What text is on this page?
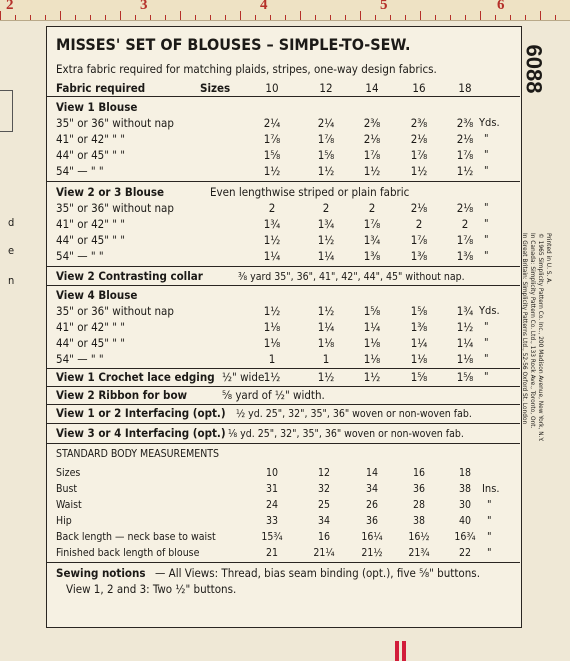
2	3	4	5	6
d
e
n
6088
Printed in U. S. A.
© 1965 Simplicity Pattern Co. Inc., 200 Madison Avenue, New York, N.Y.
In Canada: Simplicity Pattern Co. Ltd., 133 Rock Ave., Toronto, Ont.
In Great Britain: Simplicity Patterns Ltd., 52-56 Oxford St. London
MISSES' SET OF BLOUSES – SIMPLE-TO-SEW.
Extra fabric required for matching plaids, stripes, one-way design fabrics.
Fabric required	Sizes	10	12	14	16	18
View 1 Blouse
35" or 36" without nap	2¼	2¼	2⅜	2⅜	2⅜ Yds.
41" or 42" " "	1⅞	1⅞	2⅛	2⅛	2⅛ "
44" or 45" " "	1⅝	1⅝	1⅞	1⅞	1⅞ "
54" — " "	1½	1½	1½	1½	1½ "
View 2 or 3 Blouse	Even lengthwise striped or plain fabric
35" or 36" without nap	2	2	2	2⅛	2⅛ "
41" or 42" " "	1¾	1¾	1⅞	2	2	"
44" or 45" " "	1½	1½	1¾	1⅞	1⅞ "
54" — " "	1¼	1¼	1⅜	1⅜	1⅜ "
View 2 Contrasting collar	⅜ yard 35", 36", 41", 42", 44", 45" without nap.
View 4 Blouse
35" or 36" without nap	1½	1½	1⅝	1⅝	1¾ Yds.
41" or 42" " "	1⅛	1¼	1¼	1⅜	1½ "
44" or 45" " "	1⅛	1⅛	1⅛	1¼	1¼ "
54" — " "	1	1	1⅛	1⅛	1⅛ "
View 1 Crochet lace edging ½" wide 1½	1½	1½	1⅝	1⅝ "
View 2 Ribbon for bow	⅝ yard of ½" width.
View 1 or 2 Interfacing (opt.) ½ yd. 25", 32", 35", 36" woven or non-woven fab.
View 3 or 4 Interfacing (opt.) ⅛ yd. 25", 32", 35", 36" woven or non-woven fab.
STANDARD BODY MEASUREMENTS
Sizes	10	12	14	16	18
Bust	31	32	34	36	38 Ins.
Waist	24	25	26	28	30	"
Hip	33	34	36	38	40	"
Back length — neck base to waist	15¾	16	16¼	16½	16¾	"
Finished back length of blouse	21	21¼	21½	21¾	22	"
Sewing notions — All Views: Thread, bias seam binding (opt.), five ⅝" buttons.
View 1, 2 and 3: Two ½" buttons.
